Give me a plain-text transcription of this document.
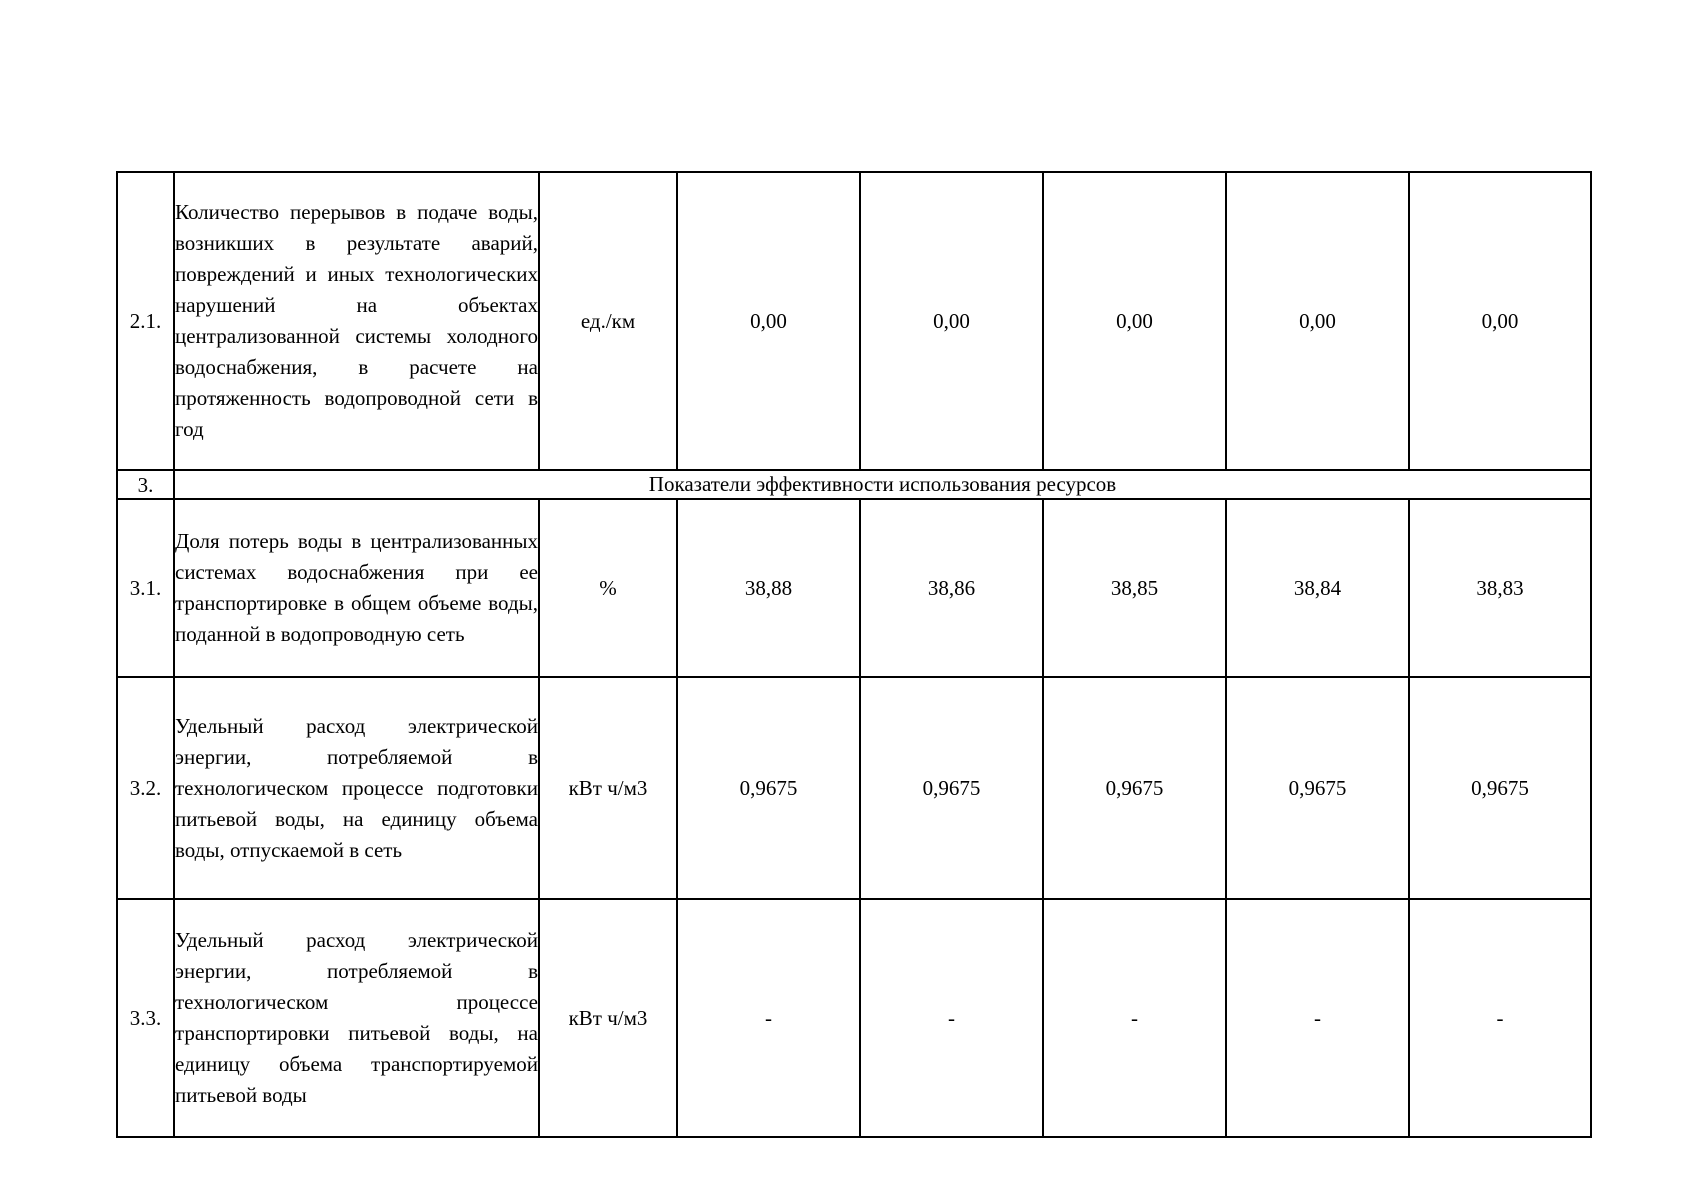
2.1.	Количество перерывов в подаче воды, возникших в результате аварий, повреждений и иных технологических нарушений на объектах централизованной системы холодного водоснабжения, в расчете на протяженность водопроводной сети в год	ед./км	0,00	0,00	0,00	0,00	0,00
3.	Показатели эффективности использования ресурсов						
3.1.	Доля потерь воды в централизованных системах водоснабжения при ее транспортировке в общем объеме воды, поданной в водопроводную сеть	%	38,88	38,86	38,85	38,84	38,83
3.2.	Удельный расход электрической энергии, потребляемой в технологическом процессе подготовки питьевой воды, на единицу объема воды, отпускаемой в сеть	кВт ч/м3	0,9675	0,9675	0,9675	0,9675	0,9675
3.3.	Удельный расход электрической энергии, потребляемой в технологическом процессе транспортировки питьевой воды, на единицу объема транспортируемой питьевой воды	кВт ч/м3	-	-	-	-	-
